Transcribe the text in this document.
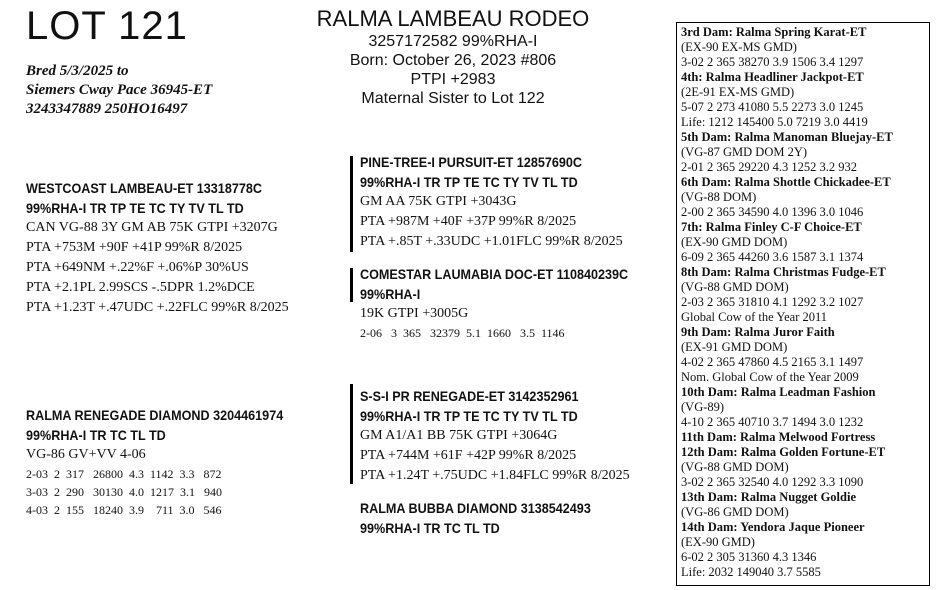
LOT 121
Bred 5/3/2025 to
Siemers Cway Pace 36945-ET
3243347889 250HO16497
RALMA LAMBEAU RODEO
3257172582 99%RHA-I
Born: October 26, 2023 #806
PTPI +2983
Maternal Sister to Lot 122
WESTCOAST LAMBEAU-ET 13318778C
99%RHA-I TR TP TE TC TY TV TL TD
CAN VG-88 3Y GM AB 75K GTPI +3207G
PTA +753M +90F +41P 99%R 8/2025
PTA +649NM +.22%F +.06%P 30%US
PTA +2.1PL 2.99SCS -.5DPR 1.2%DCE
PTA +1.23T +.47UDC +.22FLC 99%R 8/2025
RALMA RENEGADE DIAMOND 3204461974
99%RHA-I TR TC TL TD
VG-86 GV+VV 4-06
2-03  2  317   26800  4.3  1142  3.3   872
3-03  2  290   30130  4.0  1217  3.1   940
4-03  2  155   18240  3.9    711  3.0   546
PINE-TREE-I PURSUIT-ET 12857690C
99%RHA-I TR TP TE TC TY TV TL TD
GM AA 75K GTPI +3043G
PTA +987M +40F +37P 99%R 8/2025
PTA +.85T +.33UDC +1.01FLC 99%R 8/2025
COMESTAR LAUMABIA DOC-ET 110840239C
99%RHA-I
19K GTPI +3005G
2-06   3  365   32379  5.1  1660   3.5  1146
S-S-I PR RENEGADE-ET 3142352961
99%RHA-I TR TP TE TC TY TV TL TD
GM A1/A1 BB 75K GTPI +3064G
PTA +744M +61F +42P 99%R 8/2025
PTA +1.24T +.75UDC +1.84FLC 99%R 8/2025
RALMA BUBBA DIAMOND 3138542493
99%RHA-I TR TC TL TD
3rd Dam: Ralma Spring Karat-ET
(EX-90 EX-MS GMD)
3-02 2 365 38270 3.9 1506 3.4 1297
4th: Ralma Headliner Jackpot-ET
(2E-91 EX-MS GMD)
5-07 2 273 41080 5.5 2273 3.0 1245
Life: 1212 145400 5.0 7219 3.0 4419
5th Dam: Ralma Manoman Bluejay-ET
(VG-87 GMD DOM 2Y)
2-01 2 365 29220 4.3 1252 3.2 932
6th Dam: Ralma Shottle Chickadee-ET
(VG-88 DOM)
2-00 2 365 34590 4.0 1396 3.0 1046
7th: Ralma Finley C-F Choice-ET
(EX-90 GMD DOM)
6-09 2 365 44260 3.6 1587 3.1 1374
8th Dam: Ralma Christmas Fudge-ET
(VG-88 GMD DOM)
2-03 2 365 31810 4.1 1292 3.2 1027
Global Cow of the Year 2011
9th Dam: Ralma Juror Faith
(EX-91 GMD DOM)
4-02 2 365 47860 4.5 2165 3.1 1497
Nom. Global Cow of the Year 2009
10th Dam: Ralma Leadman Fashion
(VG-89)
4-10 2 365 40710 3.7 1494 3.0 1232
11th Dam: Ralma Melwood Fortress
12th Dam: Ralma Golden Fortune-ET
(VG-88 GMD DOM)
3-02 2 365 32540 4.0 1292 3.3 1090
13th Dam: Ralma Nugget Goldie
(VG-86 GMD DOM)
14th Dam: Yendora Jaque Pioneer
(EX-90 GMD)
6-02 2 305 31360 4.3 1346
Life: 2032 149040 3.7 5585
